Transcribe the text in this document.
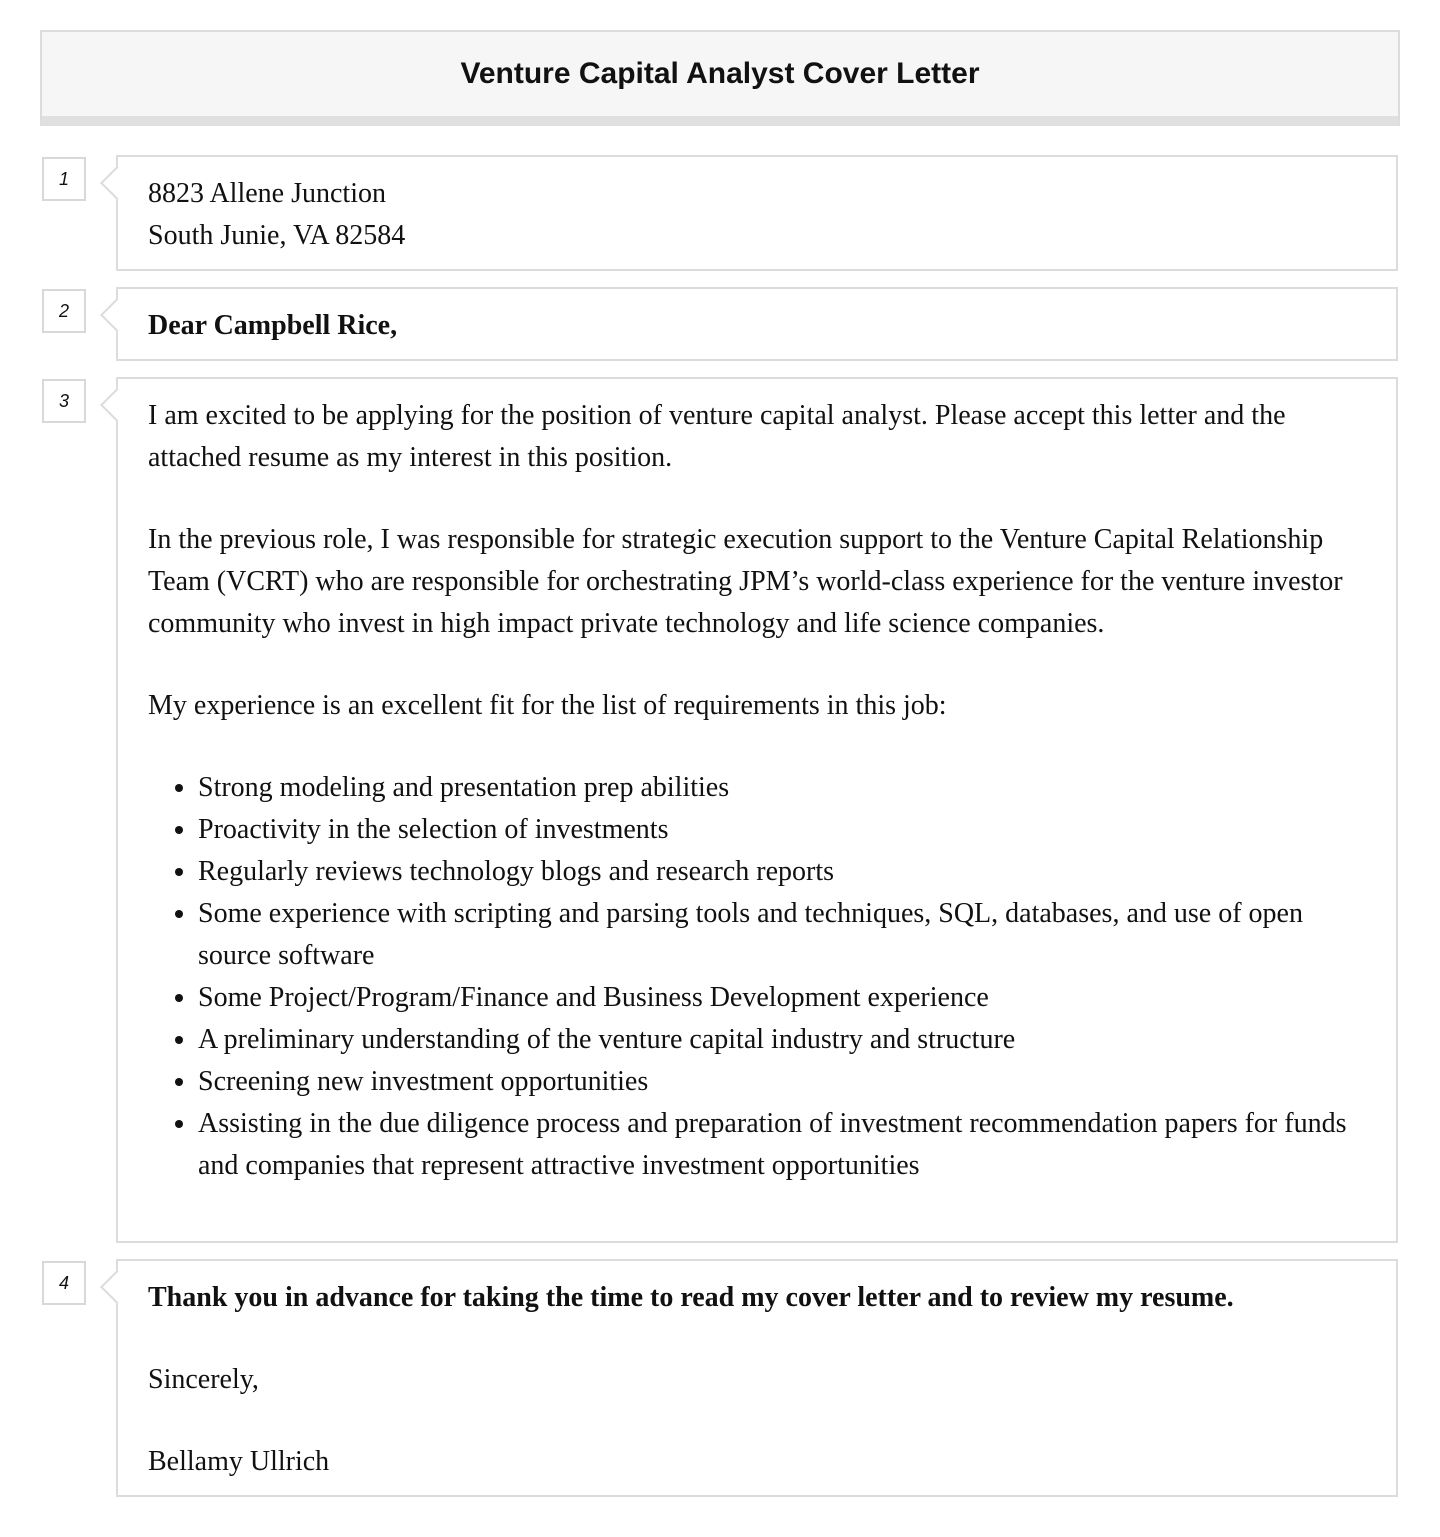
Venture Capital Analyst Cover Letter
1	8823 Allene Junction

South Junie, VA 82584

2	Dear Campbell Rice,

3	I am excited to be applying for the position of venture capital analyst. Please accept this letter and the attached resume as my interest in this position.

In the previous role, I was responsible for strategic execution support to the Venture Capital Relationship Team (VCRT) who are responsible for orchestrating JPM’s world-class experience for the venture investor community who invest in high impact private technology and life science companies.

My experience is an excellent fit for the list of requirements in this job:

• Strong modeling and presentation prep abilities
• Proactivity in the selection of investments
• Regularly reviews technology blogs and research reports
• Some experience with scripting and parsing tools and techniques, SQL, databases, and use of open source software
• Some Project/Program/Finance and Business Development experience
• A preliminary understanding of the venture capital industry and structure
• Screening new investment opportunities
• Assisting in the due diligence process and preparation of investment recommendation papers for funds and companies that represent attractive investment opportunities
4	Thank you in advance for taking the time to read my cover letter and to review my resume.

Sincerely,

Bellamy Ullrich
